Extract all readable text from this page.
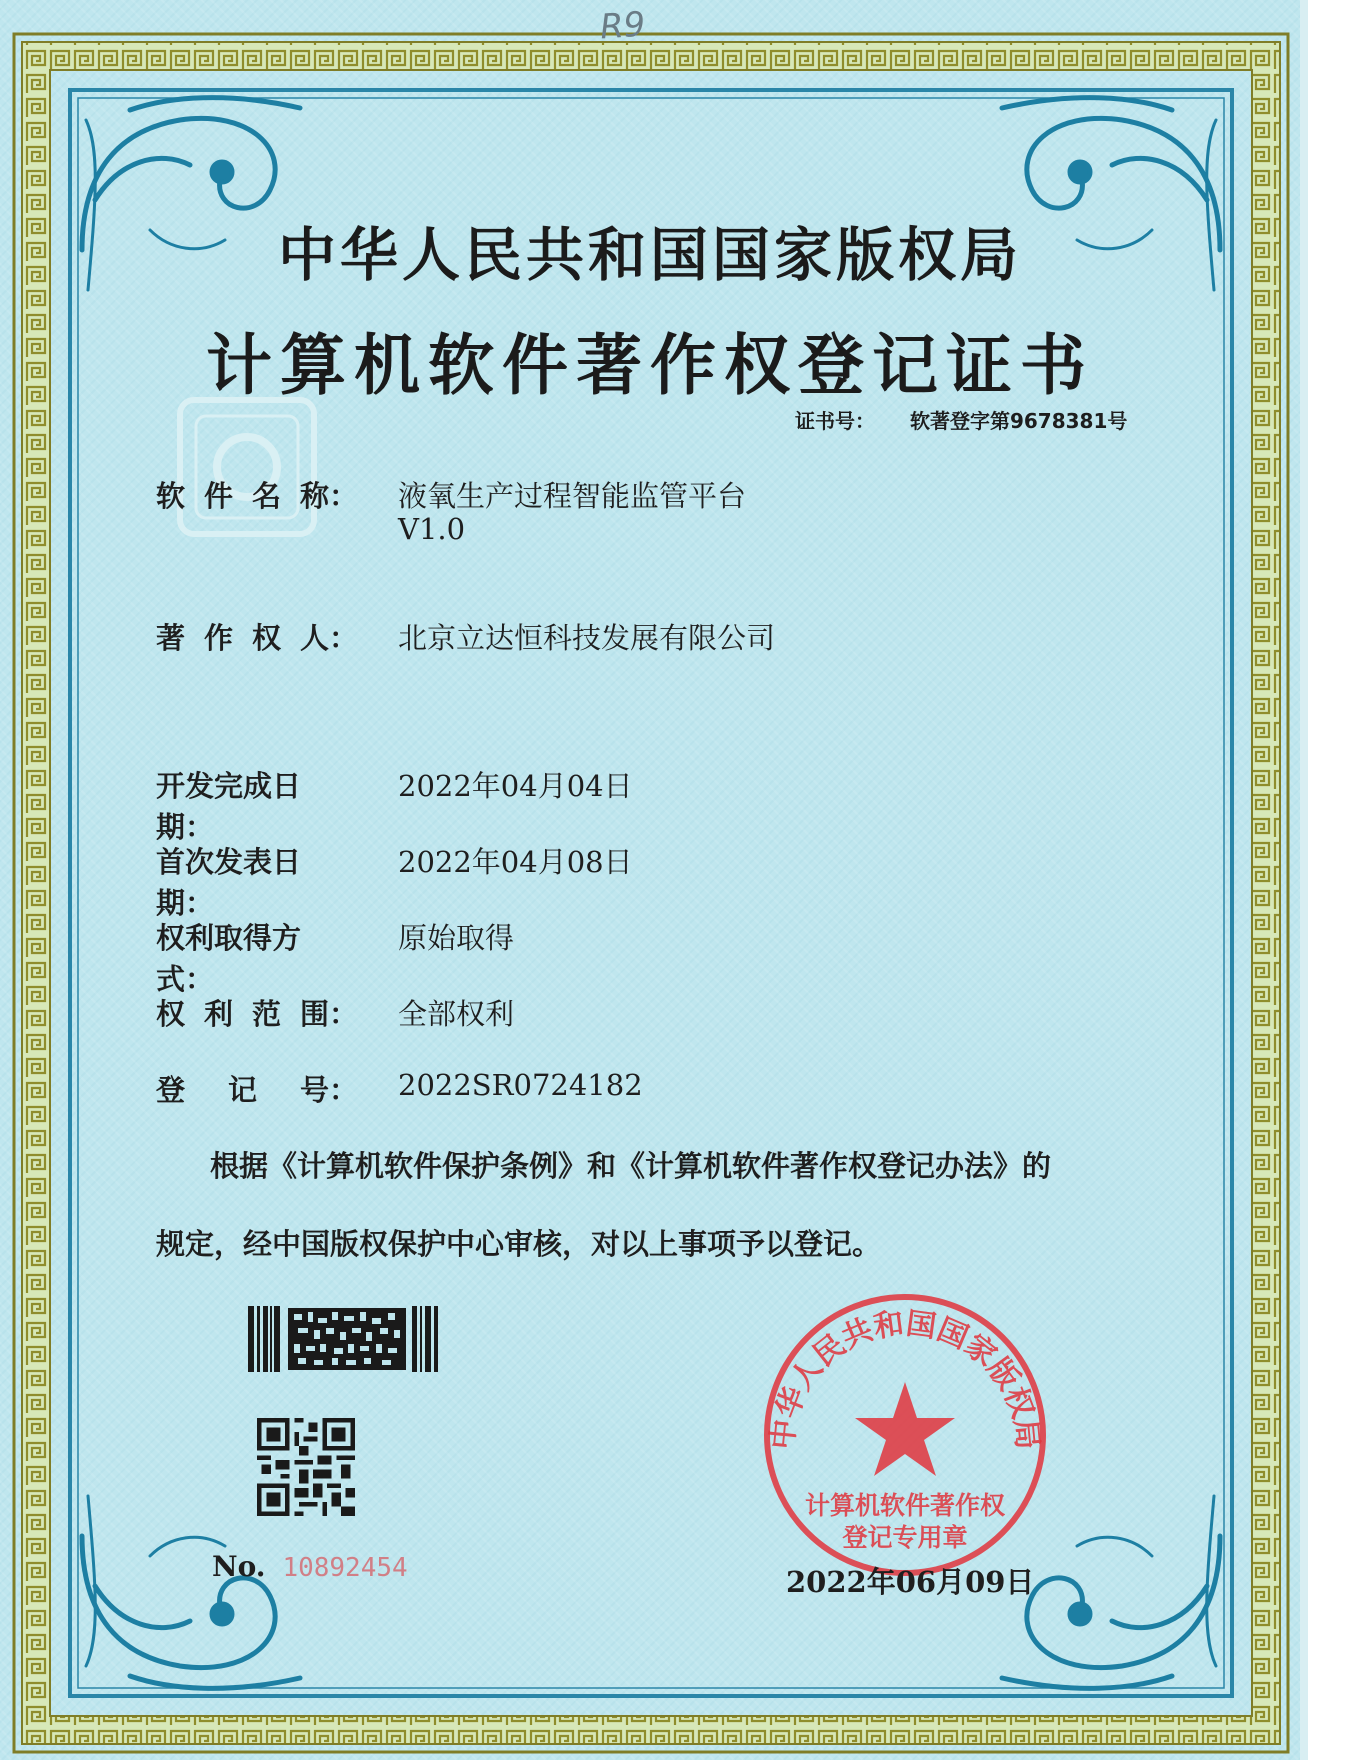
R9
中华人民共和国国家版权局
计算机软件著作权登记证书
证书号： 软著登字第9678381号
软 件 名 称： 液氧生产过程智能监管平台
V1.0
著 作 权 人： 北京立达恒科技发展有限公司
开发完成日期：
2022年04月04日
首次发表日期：
2022年04月08日
权利取得方式：
原始取得
权 利 范 围： 全部权利
登 记 号： 2022SR0724182
根据《计算机软件保护条例》和《计算机软件著作权登记办法》的
规定，经中国版权保护中心审核，对以上事项予以登记。
No. 10892454
中华人民共和国国家版权局
计算机软件著作权
登记专用章
2022年06月09日
